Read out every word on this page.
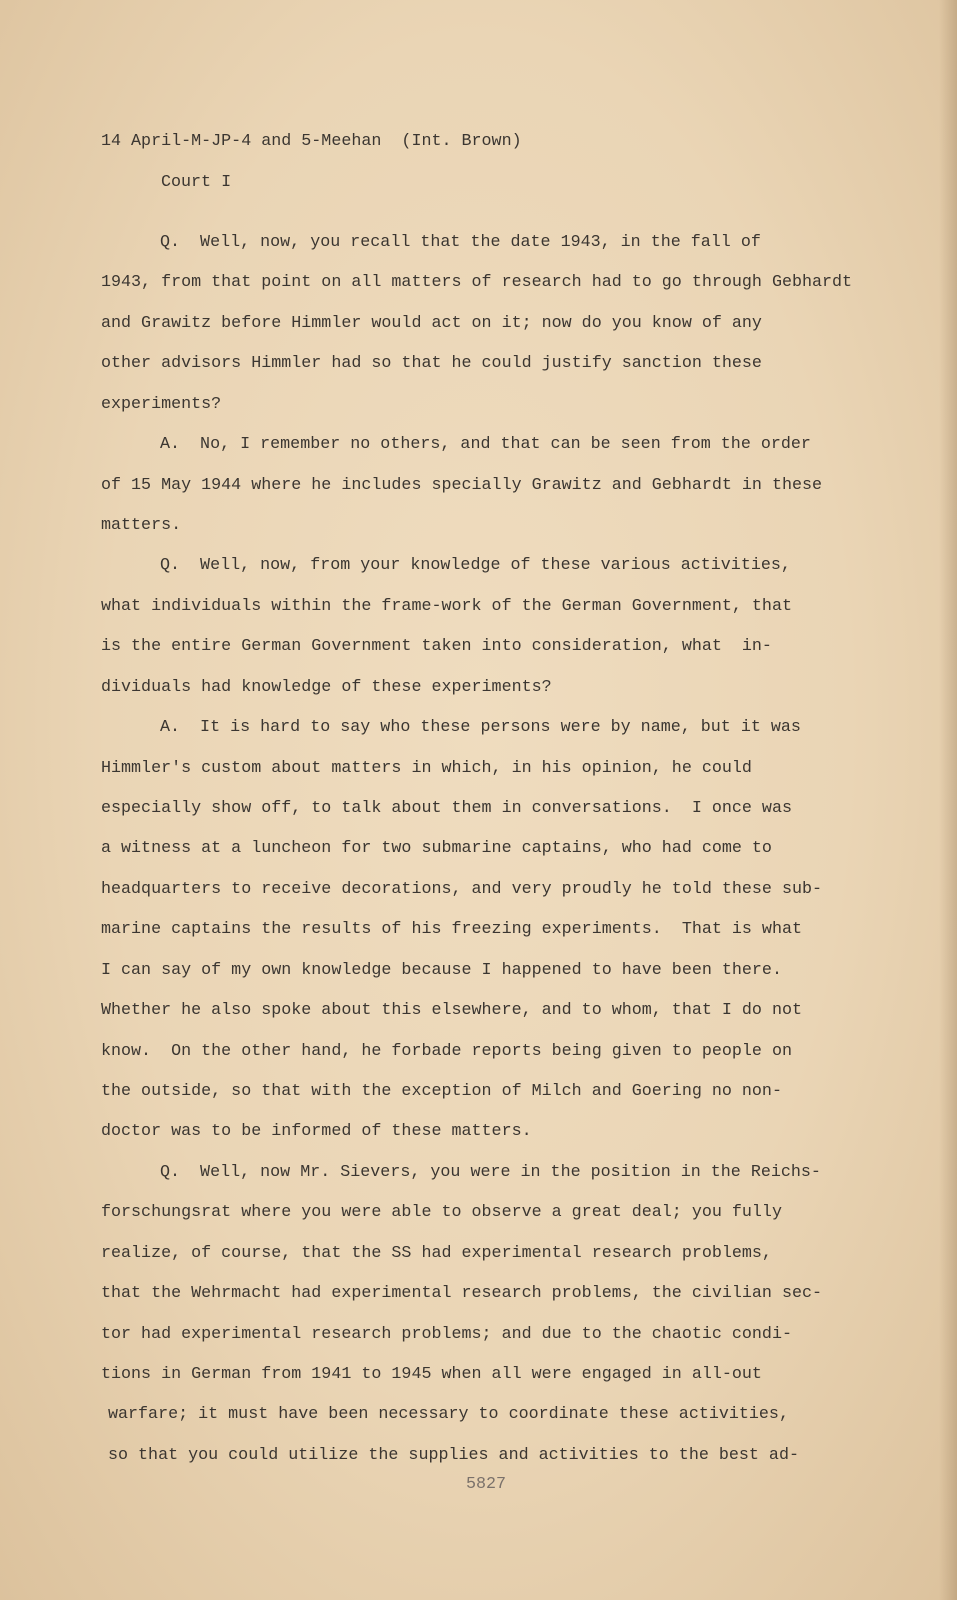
14 April-M-JP-4 and 5-Meehan  (Int. Brown)
Court I
Q.  Well, now, you recall that the date 1943, in the fall of
1943, from that point on all matters of research had to go through Gebhardt
and Grawitz before Himmler would act on it; now do you know of any
other advisors Himmler had so that he could justify sanction these
experiments?
A.  No, I remember no others, and that can be seen from the order
of 15 May 1944 where he includes specially Grawitz and Gebhardt in these
matters.
Q.  Well, now, from your knowledge of these various activities,
what individuals within the frame-work of the German Government, that
is the entire German Government taken into consideration, what  in-
dividuals had knowledge of these experiments?
A.  It is hard to say who these persons were by name, but it was
Himmler's custom about matters in which, in his opinion, he could
especially show off, to talk about them in conversations.  I once was
a witness at a luncheon for two submarine captains, who had come to
headquarters to receive decorations, and very proudly he told these sub-
marine captains the results of his freezing experiments.  That is what
I can say of my own knowledge because I happened to have been there.
Whether he also spoke about this elsewhere, and to whom, that I do not
know.  On the other hand, he forbade reports being given to people on
the outside, so that with the exception of Milch and Goering no non-
doctor was to be informed of these matters.
Q.  Well, now Mr. Sievers, you were in the position in the Reichs-
forschungsrat where you were able to observe a great deal; you fully
realize, of course, that the SS had experimental research problems,
that the Wehrmacht had experimental research problems, the civilian sec-
tor had experimental research problems; and due to the chaotic condi-
tions in German from 1941 to 1945 when all were engaged in all-out
warfare; it must have been necessary to coordinate these activities,
so that you could utilize the supplies and activities to the best ad-
5827
